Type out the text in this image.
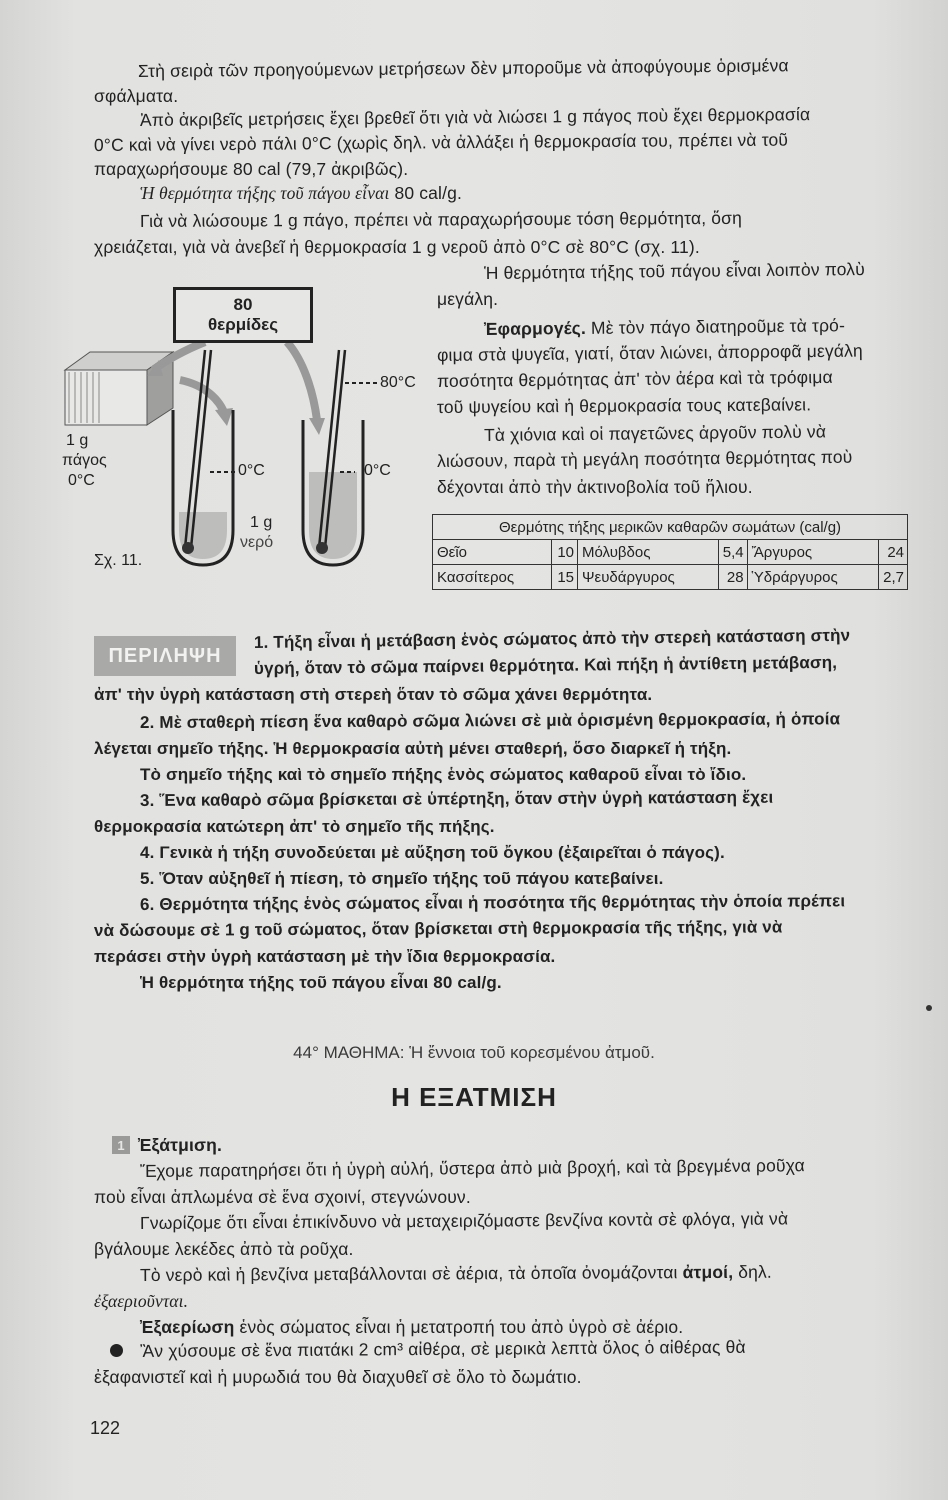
Στὴ σειρὰ τῶν προηγούμενων μετρήσεων δὲν μποροῦμε νὰ ἀποφύγουμε ὁρισμένα
σφάλματα.
Ἀπὸ ἀκριβεῖς μετρήσεις ἔχει βρεθεῖ ὅτι γιὰ νὰ λιώσει 1 g πάγος ποὺ ἔχει θερμοκρασία
0°C καὶ νὰ γίνει νερὸ πάλι 0°C (χωρὶς δηλ. νὰ ἀλλάξει ἡ θερμοκρασία του, πρέπει νὰ τοῦ
παραχωρήσουμε 80 cal (79,7 ἀκριβῶς).
Ἡ θερμότητα τήξης τοῦ πάγου εἶναι 80 cal/g.
Γιὰ νὰ λιώσουμε 1 g πάγο, πρέπει νὰ παραχωρήσουμε τόση θερμότητα, ὅση
χρειάζεται, γιὰ νὰ ἀνεβεῖ ἡ θερμοκρασία 1 g νεροῦ ἀπὸ 0°C σὲ 80°C (σχ. 11).
80
θερμίδες
80°C
1 g
πάγος
0°C
0°C	0°C
1 g
νερό
Σχ. 11.
Ἡ θερμότητα τήξης τοῦ πάγου εἶναι λοιπὸν πολὺ
μεγάλη.
Ἐφαρμογές. Μὲ τὸν πάγο διατηροῦμε τὰ τρό-
φιμα στὰ ψυγεῖα, γιατί, ὅταν λιώνει, ἀπορροφᾶ μεγάλη
ποσότητα θερμότητας ἀπ' τὸν ἀέρα καὶ τὰ τρόφιμα
τοῦ ψυγείου καὶ ἡ θερμοκρασία τους κατεβαίνει.
Τὰ χιόνια καὶ οἱ παγετῶνες ἀργοῦν πολὺ νὰ
λιώσουν, παρὰ τὴ μεγάλη ποσότητα θερμότητας ποὺ
δέχονται ἀπὸ τὴν ἀκτινοβολία τοῦ ἥλιου.
Θερμότης τήξης μερικῶν καθαρῶν σωμάτων (cal/g)					
Θεῖο	10	Μόλυβδος	5,4	Ἄργυρος	24
Κασσίτερος	15	Ψευδάργυρος	28	Ὑδράργυρος	2,7
ΠΕΡΙΛΗΨΗ
1. Τήξη εἶναι ἡ μετάβαση ἑνὸς σώματος ἀπὸ τὴν στερεὴ κατάσταση στὴν
ὑγρή, ὅταν τὸ σῶμα παίρνει θερμότητα. Καὶ πήξη ἡ ἀντίθετη μετάβαση,
ἀπ' τὴν ὑγρὴ κατάσταση στὴ στερεὴ ὅταν τὸ σῶμα χάνει θερμότητα.
2. Μὲ σταθερὴ πίεση ἕνα καθαρὸ σῶμα λιώνει σὲ μιὰ ὁρισμένη θερμοκρασία, ἡ ὁποία
λέγεται σημεῖο τήξης. Ἡ θερμοκρασία αὐτὴ μένει σταθερή, ὅσο διαρκεῖ ἡ τήξη.
Τὸ σημεῖο τήξης καὶ τὸ σημεῖο πήξης ἑνὸς σώματος καθαροῦ εἶναι τὸ ἴδιο.
3. Ἕνα καθαρὸ σῶμα βρίσκεται σὲ ὑπέρτηξη, ὅταν στὴν ὑγρὴ κατάσταση ἔχει
θερμοκρασία κατώτερη ἀπ' τὸ σημεῖο τῆς πήξης.
4. Γενικὰ ἡ τήξη συνοδεύεται μὲ αὔξηση τοῦ ὄγκου (ἐξαιρεῖται ὁ πάγος).
5. Ὅταν αὐξηθεῖ ἡ πίεση, τὸ σημεῖο τήξης τοῦ πάγου κατεβαίνει.
6. Θερμότητα τήξης ἑνὸς σώματος εἶναι ἡ ποσότητα τῆς θερμότητας τὴν ὁποία πρέπει
νὰ δώσουμε σὲ 1 g τοῦ σώματος, ὅταν βρίσκεται στὴ θερμοκρασία τῆς τήξης, γιὰ νὰ
περάσει στὴν ὑγρὴ κατάσταση μὲ τὴν ἴδια θερμοκρασία.
Ἡ θερμότητα τήξης τοῦ πάγου εἶναι 80 cal/g.
44° ΜΑΘΗΜΑ: Ἡ ἔννοια τοῦ κορεσμένου ἀτμοῦ.
Η ΕΞΑΤΜΙΣΗ
1 Ἐξάτμιση.
Ἔχομε παρατηρήσει ὅτι ἡ ὑγρὴ αὐλή, ὕστερα ἀπὸ μιὰ βροχή, καὶ τὰ βρεγμένα ροῦχα
ποὺ εἶναι ἁπλωμένα σὲ ἕνα σχοινί, στεγνώνουν.
Γνωρίζομε ὅτι εἶναι ἐπικίνδυνο νὰ μεταχειριζόμαστε βενζίνα κοντὰ σὲ φλόγα, γιὰ νὰ
βγάλουμε λεκέδες ἀπὸ τὰ ροῦχα.
Τὸ νερὸ καὶ ἡ βενζίνα μεταβάλλονται σὲ ἀέρια, τὰ ὁποῖα ὀνομάζονται ἀτμοί, δηλ.
ἐξαεριοῦνται.
Ἐξαερίωση ἑνὸς σώματος εἶναι ἡ μετατροπή του ἀπὸ ὑγρὸ σὲ ἀέριο.
Ἂν χύσουμε σὲ ἕνα πιατάκι 2 cm³ αἰθέρα, σὲ μερικὰ λεπτὰ ὅλος ὁ αἰθέρας θὰ
ἐξαφανιστεῖ καὶ ἡ μυρωδιά του θὰ διαχυθεῖ σὲ ὅλο τὸ δωμάτιο.
122
